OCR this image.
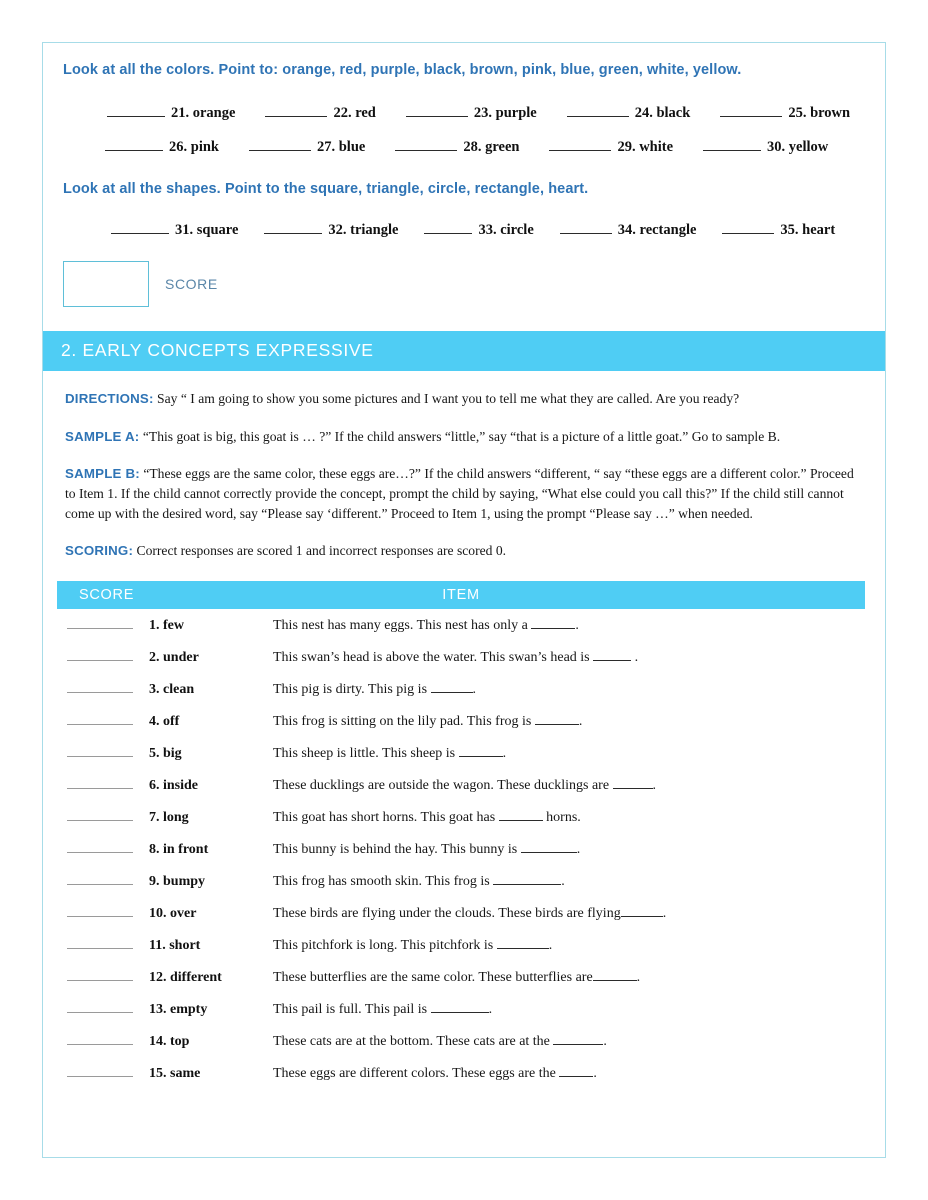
Look at all the colors. Point to: orange, red, purple, black, brown, pink, blue, green, white, yellow.
21. orange	22. red	23. purple	24. black	25. brown
26. pink	27. blue	28. green	29. white	30. yellow
Look at all the shapes. Point to the square, triangle, circle, rectangle, heart.
31. square	32. triangle	33. circle	34. rectangle	35. heart
SCORE
2. EARLY CONCEPTS EXPRESSIVE

DIRECTIONS: Say “ I am going to show you some pictures and I want you to tell me what they are called. Are you ready?

SAMPLE A: “This goat is big, this goat is … ?” If the child answers “little,” say “that is a picture of a little goat.” Go to sample B.

SAMPLE B: “These eggs are the same color, these eggs are…?” If the child answers “different, “ say “these eggs are a different color.” Proceed to Item 1. If the child cannot correctly provide the concept, prompt the child by saying, “What else could you call this?” If the child still cannot come up with the desired word, say “Please say ‘different.” Proceed to Item 1, using the prompt “Please say …” when needed.

SCORING: Correct responses are scored 1 and incorrect responses are scored 0.

SCORE	ITEM
1. few	This nest has many eggs. This nest has only a	.
2. under	This swan’s head is above the water. This swan’s head is	.
3. clean	This pig is dirty. This pig is	.
4. off	This frog is sitting on the lily pad. This frog is	.
5. big	This sheep is little. This sheep is	.
6. inside	These ducklings are outside the wagon. These ducklings are	.
7. long	This goat has short horns. This goat has	horns.
8. in front	This bunny is behind the hay. This bunny is	.
9. bumpy	This frog has smooth skin. This frog is	.
10. over	These birds are flying under the clouds. These birds are flying	.
11. short	This pitchfork is long. This pitchfork is	.
12. different	These butterflies are the same color. These butterflies are	.
13. empty	This pail is full. This pail is	.
14. top	These cats are at the bottom. These cats are at the	.
15. same	These eggs are different colors. These eggs are the .
